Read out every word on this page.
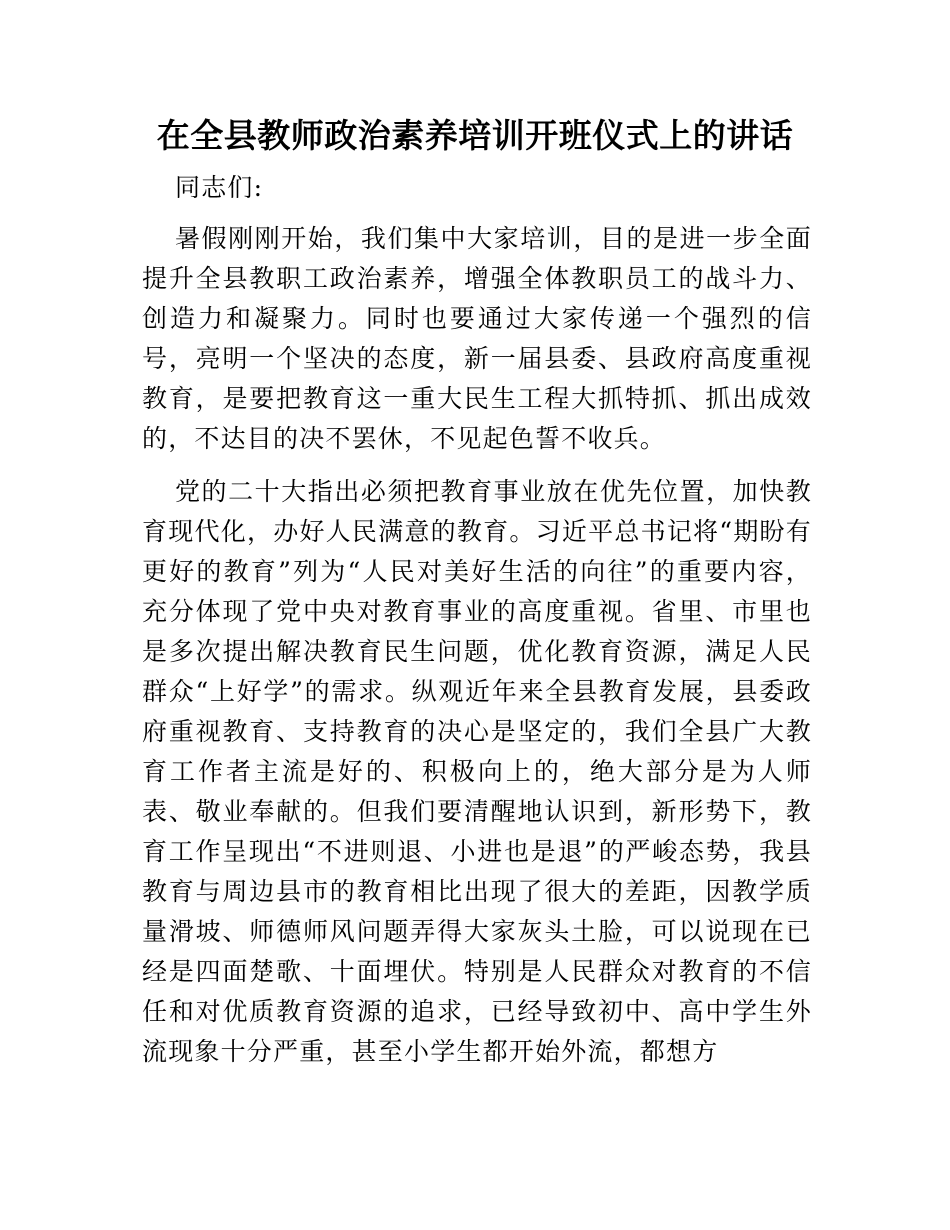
在全县教师政治素养培训开班仪式上的讲话

同志们:

暑假刚刚开始，我们集中大家培训，目的是进一步全面提升全县教职工政治素养，增强全体教职员工的战斗力、创造力和凝聚力。同时也要通过大家传递一个强烈的信号，亮明一个坚决的态度，新一届县委、县政府高度重视教育，是要把教育这一重大民生工程大抓特抓、抓出成效的，不达目的决不罢休，不见起色誓不收兵。

党的二十大指出必须把教育事业放在优先位置，加快教育现代化，办好人民满意的教育。习近平总书记将“期盼有更好的教育”列为“人民对美好生活的向往”的重要内容，充分体现了党中央对教育事业的高度重视。省里、市里也是多次提出解决教育民生问题，优化教育资源，满足人民群众“上好学”的需求。纵观近年来全县教育发展，县委政府重视教育、支持教育的决心是坚定的，我们全县广大教育工作者主流是好的、积极向上的，绝大部分是为人师表、敬业奉献的。但我们要清醒地认识到，新形势下，教育工作呈现出“不进则退、小进也是退”的严峻态势，我县教育与周边县市的教育相比出现了很大的差距，因教学质量滑坡、师德师风问题弄得大家灰头土脸，可以说现在已经是四面楚歌、十面埋伏。特别是人民群众对教育的不信任和对优质教育资源的追求，已经导致初中、高中学生外流现象十分严重，甚至小学生都开始外流，都想方
